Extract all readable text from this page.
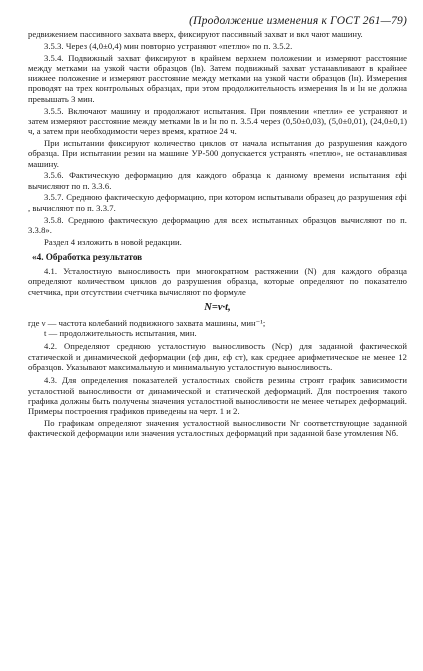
(Продолжение изменения к ГОСТ 261—79)

редвижением пассивного захвата вверх, фиксируют пассивный захват и вкл чают машину.

3.5.3. Через (4,0±0,4) мин повторно устраняют «петлю» по п. 3.5.2.

3.5.4. Подвижный захват фиксируют в крайнем верхнем положении и измеряют расстояние между метками на узкой части образцов (lв). Затем подвижный захват устанавливают в крайнее нижнее положение и измеряют расстояние между метками на узкой части образцов (lн). Измерения проводят на трех контрольных образцах, при этом продолжительность измерения lв и lн не должна превышать 3 мин.

3.5.5. Включают машину и продолжают испытания. При появлении «петли» ее устраняют и затем измеряют расстояние между метками lв и lн по п. 3.5.4 через (0,50±0,03), (5,0±0,01), (24,0±0,1) ч, а затем при необходимости через время, кратное 24 ч.

При испытании фиксируют количество циклов от начала испытания до разрушения каждого образца. При испытании резин на машине УР-500 допускается устранять «петлю», не останавливая машину.

3.5.6. Фактическую деформацию для каждого образца к данному времени испытания εфi вычисляют по п. 3.3.6.

3.5.7. Среднюю фактическую деформацию, при котором испытывали образец до разрушения εфi , вычисляют по п. 3.3.7.

3.5.8. Среднюю фактическую деформацию для всех испытанных образцов вычисляют по п. 3.3.8».

Раздел 4 изложить в новой редакции.

«4. Обработка результатов

4.1. Усталостную выносливость при многократном растяжении (N) для каждого образца определяют количеством циклов до разрушения образца, которые определяют по показателю счетчика, при отсутствии счетчика вычисляют по формуле

N=ν·t,

где ν — частота колебаний подвижного захвата машины, мин⁻¹;

t — продолжительность испытания, мин.

4.2. Определяют среднюю усталостную выносливость (Nср) для заданной фактической статической и динамической деформации (εф дин, εф ст), как среднее арифметическое не менее 12 образцов. Указывают максимальную и минимальную усталостную выносливость.

4.3. Для определения показателей усталостных свойств резины строят график зависимости усталостной выносливости от динамической и статической деформаций. Для построения такого графика должны быть получены значения усталостной выносливости не менее четырех деформаций. Примеры построения графиков приведены на черт. 1 и 2.

По графикам определяют значения усталостной выносливости Nг соответствующие заданной фактической деформации или значения усталостных деформаций при заданной базе утомления Nб.
